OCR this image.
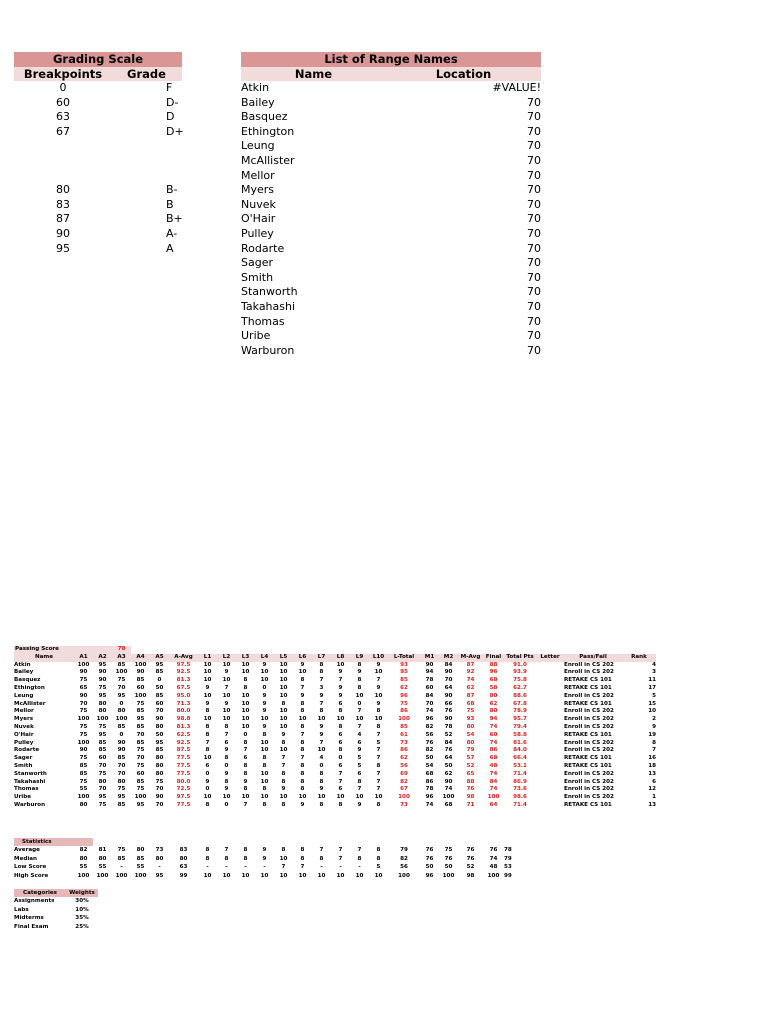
Grading Scale
Breakpoints	Grade
0	F
60	D-
63	D
67	D+
80	B-
83	B
87	B+
90	A-
95	A
List of Range Names
Name	Location
Atkin	#VALUE!
Bailey	70
Basquez	70
Ethington	70
Leung	70
McAllister	70
Mellor	70
Myers	70
Nuvek	70
O'Hair	70
Pulley	70
Rodarte	70
Sager	70
Smith	70
Stanworth	70
Takahashi	70
Thomas	70
Uribe	70
Warburon	70
Passing Score			70																						
Name	A1	A2	A3	A4	A5	A-Avg	L1	L2	L3	L4	L5	L6	L7	L8	L9	L10	L-Total	M1	M2	M-Avg	Final	Total Pts	Letter	Pass/Fail	Rank
Atkin	100	95	85	100	95	97.5	10	10	10	9	10	9	8	10	8	9	93	90	84	87	88	91.0		Enroll in CS 202	4
Bailey	90	90	100	90	85	92.5	10	9	10	10	10	10	8	9	9	10	95	94	90	92	96	93.9		Enroll in CS 202	3
Basquez	75	90	75	85	0	81.3	10	10	8	10	10	8	7	7	8	7	85	78	70	74	68	75.8		RETAKE CS 101	11
Ethington	65	75	70	60	50	67.5	9	7	8	0	10	7	3	9	8	9	62	60	64	62	58	62.7		RETAKE CS 101	17
Leung	90	95	95	100	85	95.0	10	10	10	9	10	9	9	9	10	10	96	84	90	87	80	88.6		Enroll in CS 202	5
McAllister	70	80	0	75	60	71.3	9	9	10	9	8	8	7	6	0	9	75	70	66	68	62	67.8		RETAKE CS 101	15
Mellor	75	80	80	85	70	80.0	8	10	10	9	10	8	8	8	7	8	86	74	76	75	80	78.9		Enroll in CS 202	10
Myers	100	100	100	95	90	98.8	10	10	10	10	10	10	10	10	10	10	100	96	90	93	94	95.7		Enroll in CS 202	2
Nuvek	75	75	85	85	80	81.3	8	8	10	9	10	8	9	8	7	8	85	82	78	80	74	79.4		Enroll in CS 202	9
O'Hair	75	95	0	70	50	62.5	8	7	0	8	9	7	9	6	4	7	61	56	52	54	60	58.8		RETAKE CS 101	19
Pulley	100	85	90	85	95	92.5	7	6	8	10	8	8	7	6	6	5	73	76	84	80	74	81.6		Enroll in CS 202	8
Rodarte	90	85	90	75	85	87.5	8	9	7	10	10	8	10	8	9	7	86	82	76	79	86	84.0		Enroll in CS 202	7
Sager	75	60	85	70	80	77.5	10	8	6	8	7	7	4	0	5	7	62	50	64	57	68	66.4		RETAKE CS 101	16
Smith	85	70	70	75	80	77.5	6	0	8	8	7	8	0	6	5	8	56	54	50	52	48	53.1		RETAKE CS 101	18
Stanworth	85	75	70	60	80	77.5	0	9	8	10	8	8	8	7	6	7	69	68	62	65	74	71.4		Enroll in CS 202	13
Takahashi	75	80	80	85	75	80.0	9	8	9	10	8	8	8	7	8	7	82	86	90	88	84	86.9		Enroll in CS 202	6
Thomas	55	70	75	75	70	72.5	0	9	8	8	9	8	9	6	7	7	67	78	74	76	74	73.6		Enroll in CS 202	12
Uribe	100	95	95	100	90	97.5	10	10	10	10	10	10	10	10	10	10	100	96	100	98	100	98.6		Enroll in CS 202	1
Warburon	80	75	85	95	70	77.5	8	0	7	8	8	9	8	8	9	8	73	74	68	71	64	71.4		RETAKE CS 101	13
Statistics																						
Average	82	81	75	80	73	83	8	7	8	9	8	8	7	7	7	8	79	76	75	76	76	78
Median	80	80	85	85	80	80	8	8	8	9	10	8	8	7	8	8	82	76	76	76	74	79
Low Score	55	55	-	55	-	63	-	-	-	-	7	7	-	-	-	5	56	50	50	52	48	53
High Score	100	100	100	100	95	99	10	10	10	10	10	10	10	10	10	10	100	96	100	98	100	99
Categories	Weights
Assignments	30%
Labs	10%
Midterms	35%
Final Exam	25%
